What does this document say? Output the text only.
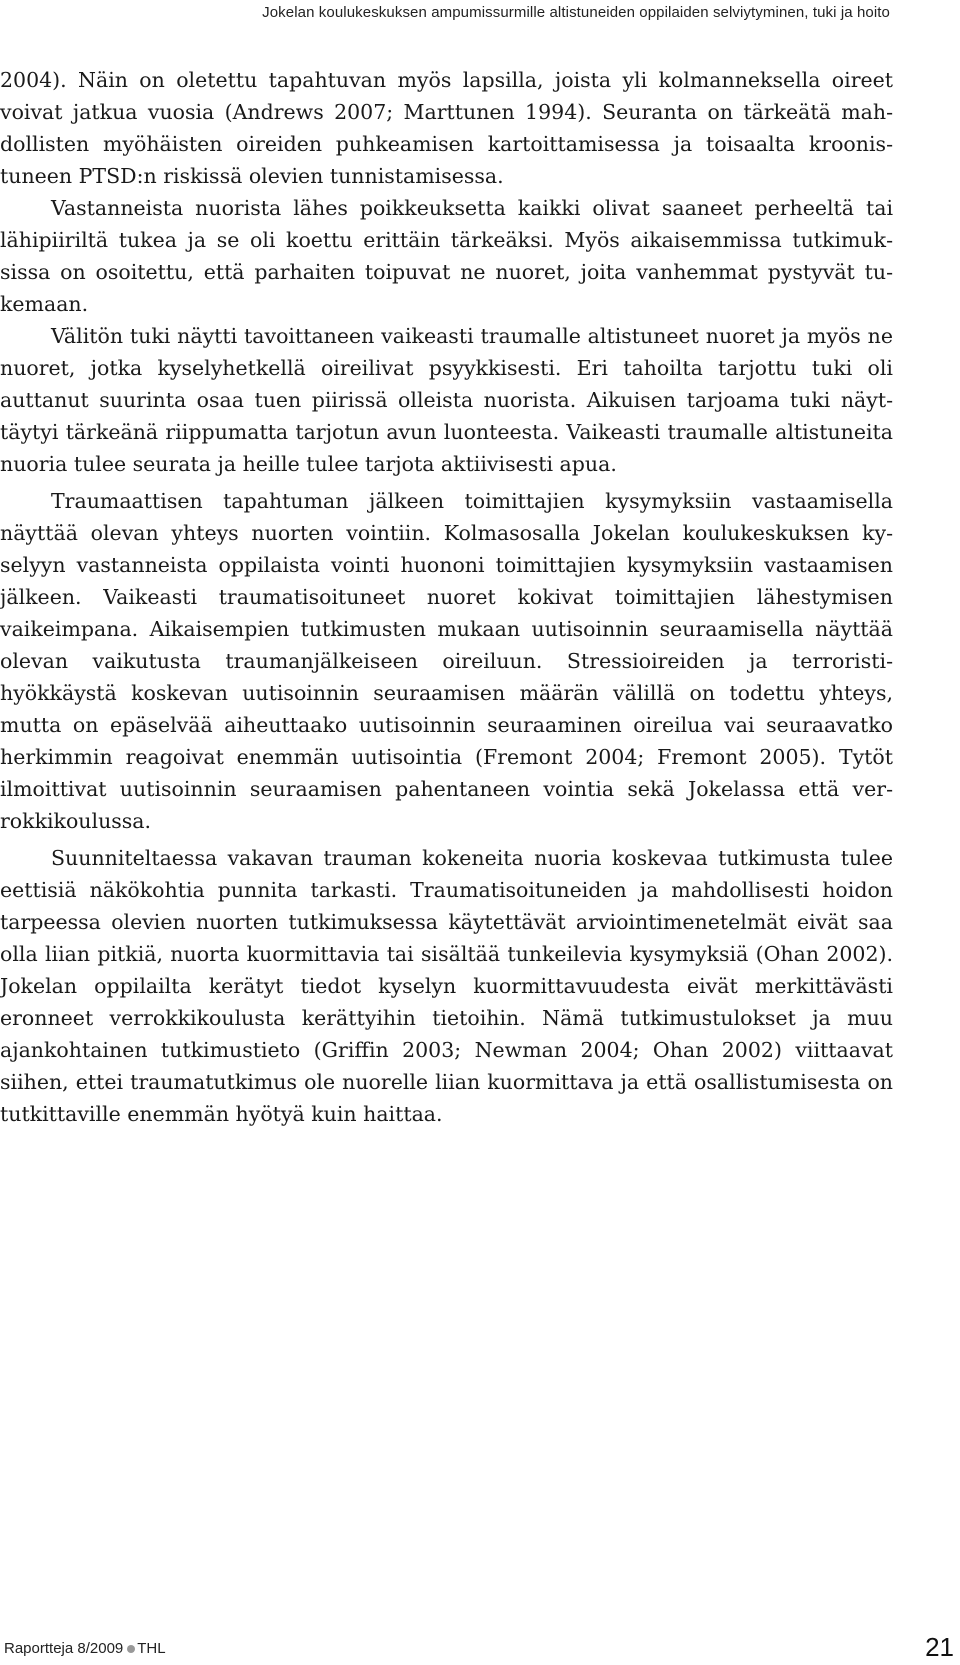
Jokelan koulukeskuksen ampumissurmille altistuneiden oppilaiden selviytyminen, tuki ja hoito

2004). Näin on oletettu tapahtuvan myös lapsilla, joista yli kolmanneksella oireet voivat jatkua vuosia (Andrews 2007; Marttunen 1994). Seuranta on tärkeätä mahdollisten myöhäisten oireiden puhkeamisen kartoittamisessa ja toisaalta kroonistuneen PTSD:n riskissä olevien tunnistamisessa.

Vastanneista nuorista lähes poikkeuksetta kaikki olivat saaneet perheeltä tai lähipiiriltä tukea ja se oli koettu erittäin tärkeäksi. Myös aikaisemmissa tutkimuksissa on osoitettu, että parhaiten toipuvat ne nuoret, joita vanhemmat pystyvät tukemaan.

Välitön tuki näytti tavoittaneen vaikeasti traumalle altistuneet nuoret ja myös ne nuoret, jotka kyselyhetkellä oireilivat psyykkisesti. Eri tahoilta tarjottu tuki oli auttanut suurinta osaa tuen piirissä olleista nuorista. Aikuisen tarjoama tuki näyttäytyi tärkeänä riippumatta tarjotun avun luonteesta. Vaikeasti traumalle altistuneita nuoria tulee seurata ja heille tulee tarjota aktiivisesti apua.

Traumaattisen tapahtuman jälkeen toimittajien kysymyksiin vastaamisella näyttää olevan yhteys nuorten vointiin. Kolmasosalla Jokelan koulukeskuksen kyselyyn vastanneista oppilaista vointi huononi toimittajien kysymyksiin vastaamisen jälkeen. Vaikeasti traumatisoituneet nuoret kokivat toimittajien lähestymisen vaikeimpana. Aikaisempien tutkimusten mukaan uutisoinnin seuraamisella näyttää olevan vaikutusta traumanjälkeiseen oireiluun. Stressioireiden ja terroristihyökkäystä koskevan uutisoinnin seuraamisen määrän välillä on todettu yhteys, mutta on epäselvää aiheuttaako uutisoinnin seuraaminen oireilua vai seuraavatko herkimmin reagoivat enemmän uutisointia (Fremont 2004; Fremont 2005). Tytöt ilmoittivat uutisoinnin seuraamisen pahentaneen vointia sekä Jokelassa että verrokkikoulussa.

Suunniteltaessa vakavan trauman kokeneita nuoria koskevaa tutkimusta tulee eettisiä näkökohtia punnita tarkasti. Traumatisoituneiden ja mahdollisesti hoidon tarpeessa olevien nuorten tutkimuksessa käytettävät arviointimenetelmät eivät saa olla liian pitkiä, nuorta kuormittavia tai sisältää tunkeilevia kysymyksiä (Ohan 2002). Jokelan oppilailta kerätyt tiedot kyselyn kuormittavuudesta eivät merkittävästi eronneet verrokkikoulusta kerättyihin tietoihin. Nämä tutkimustulokset ja muu ajankohtainen tutkimustieto (Griffin 2003; Newman 2004; Ohan 2002) viittaavat siihen, ettei traumatutkimus ole nuorelle liian kuormittava ja että osallistumisesta on tutkittaville enemmän hyötyä kuin haittaa.

Raportteja 8/2009 THL	21
